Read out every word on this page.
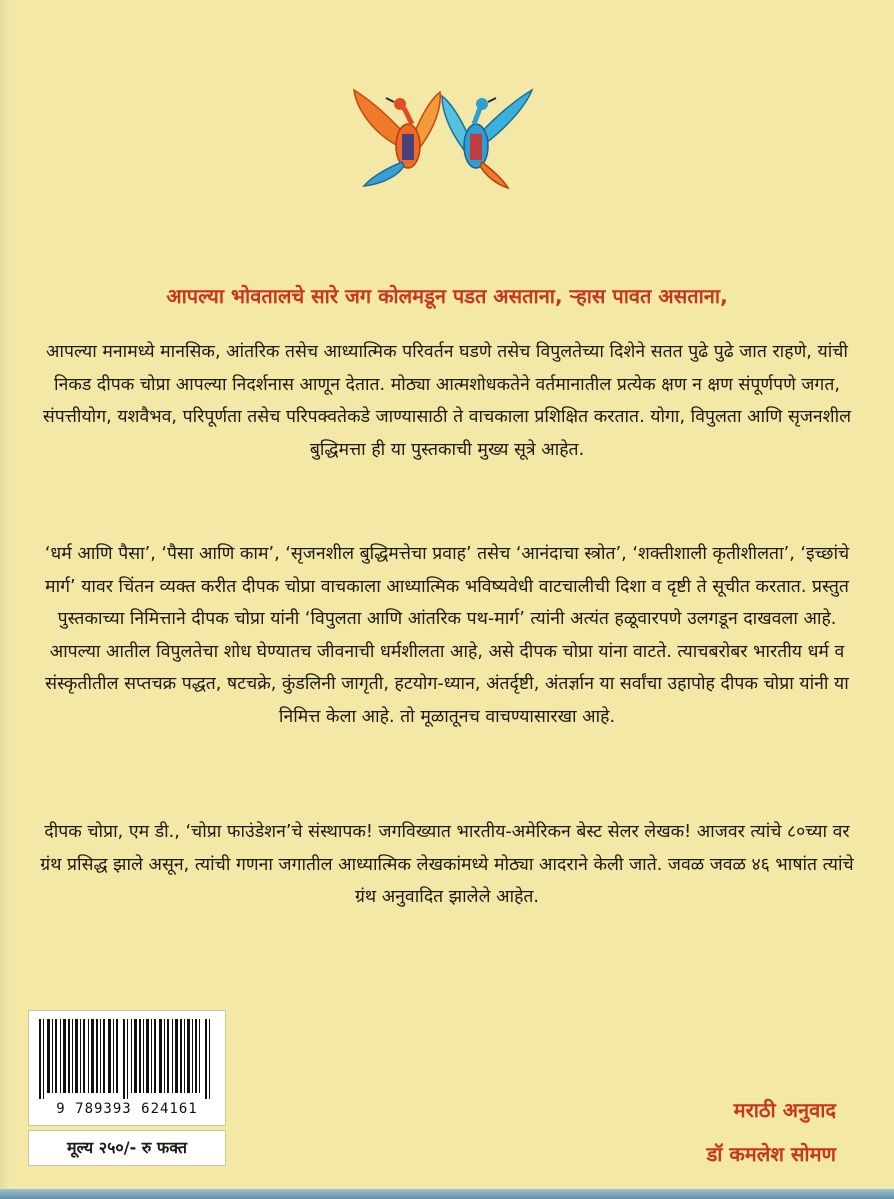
आपल्या भोवतालचे सारे जग कोलमडून पडत असताना, ऱ्हास पावत असताना,

आपल्या मनामध्ये मानसिक, आंतरिक तसेच आध्यात्मिक परिवर्तन घडणे तसेच विपुलतेच्या दिशेने सतत पुढे पुढे जात राहणे, यांची निकड दीपक चोप्रा आपल्या निदर्शनास आणून देतात. मोठ्या आत्मशोधकतेने वर्तमानातील प्रत्येक क्षण न क्षण संपूर्णपणे जगत, संपत्तीयोग, यशवैभव, परिपूर्णता तसेच परिपक्वतेकडे जाण्यासाठी ते वाचकाला प्रशिक्षित करतात. योगा, विपुलता आणि सृजनशील बुद्धिमत्ता ही या पुस्तकाची मुख्य सूत्रे आहेत.

‘धर्म आणि पैसा’, ‘पैसा आणि काम’, ‘सृजनशील बुद्धिमत्तेचा प्रवाह’ तसेच ‘आनंदाचा स्त्रोत’, ‘शक्तीशाली कृतीशीलता’, ‘इच्छांचे मार्ग’ यावर चिंतन व्यक्त करीत दीपक चोप्रा वाचकाला आध्यात्मिक भविष्यवेधी वाटचालीची दिशा व दृष्टी ते सूचीत करतात. प्रस्तुत पुस्तकाच्या निमित्ताने दीपक चोप्रा यांनी ‘विपुलता आणि आंतरिक पथ-मार्ग’ त्यांनी अत्यंत हळूवारपणे उलगडून दाखवला आहे. आपल्या आतील विपुलतेचा शोध घेण्यातच जीवनाची धर्मशीलता आहे, असे दीपक चोप्रा यांना वाटते. त्याचबरोबर भारतीय धर्म व संस्कृतीतील सप्तचक्र पद्धत, षटचक्रे, कुंडलिनी जागृती, हटयोग-ध्यान, अंतर्दृष्टी, अंतर्ज्ञान या सर्वांचा उहापोह दीपक चोप्रा यांनी या निमित्त केला आहे. तो मूळातूनच वाचण्यासारखा आहे.

दीपक चोप्रा, एम डी., ‘चोप्रा फाउंडेशन’चे संस्थापक! जगविख्यात भारतीय-अमेरिकन बेस्ट सेलर लेखक! आजवर त्यांचे ८०च्या वर ग्रंथ प्रसिद्ध झाले असून, त्यांची गणना जगातील आध्यात्मिक लेखकांमध्ये मोठ्या आदराने केली जाते. जवळ जवळ ४६ भाषांत त्यांचे ग्रंथ अनुवादित झालेले आहेत.

9 789393 624161
मूल्य २५०/- रु फक्त

मराठी अनुवाद

डॉ कमलेश सोमण
